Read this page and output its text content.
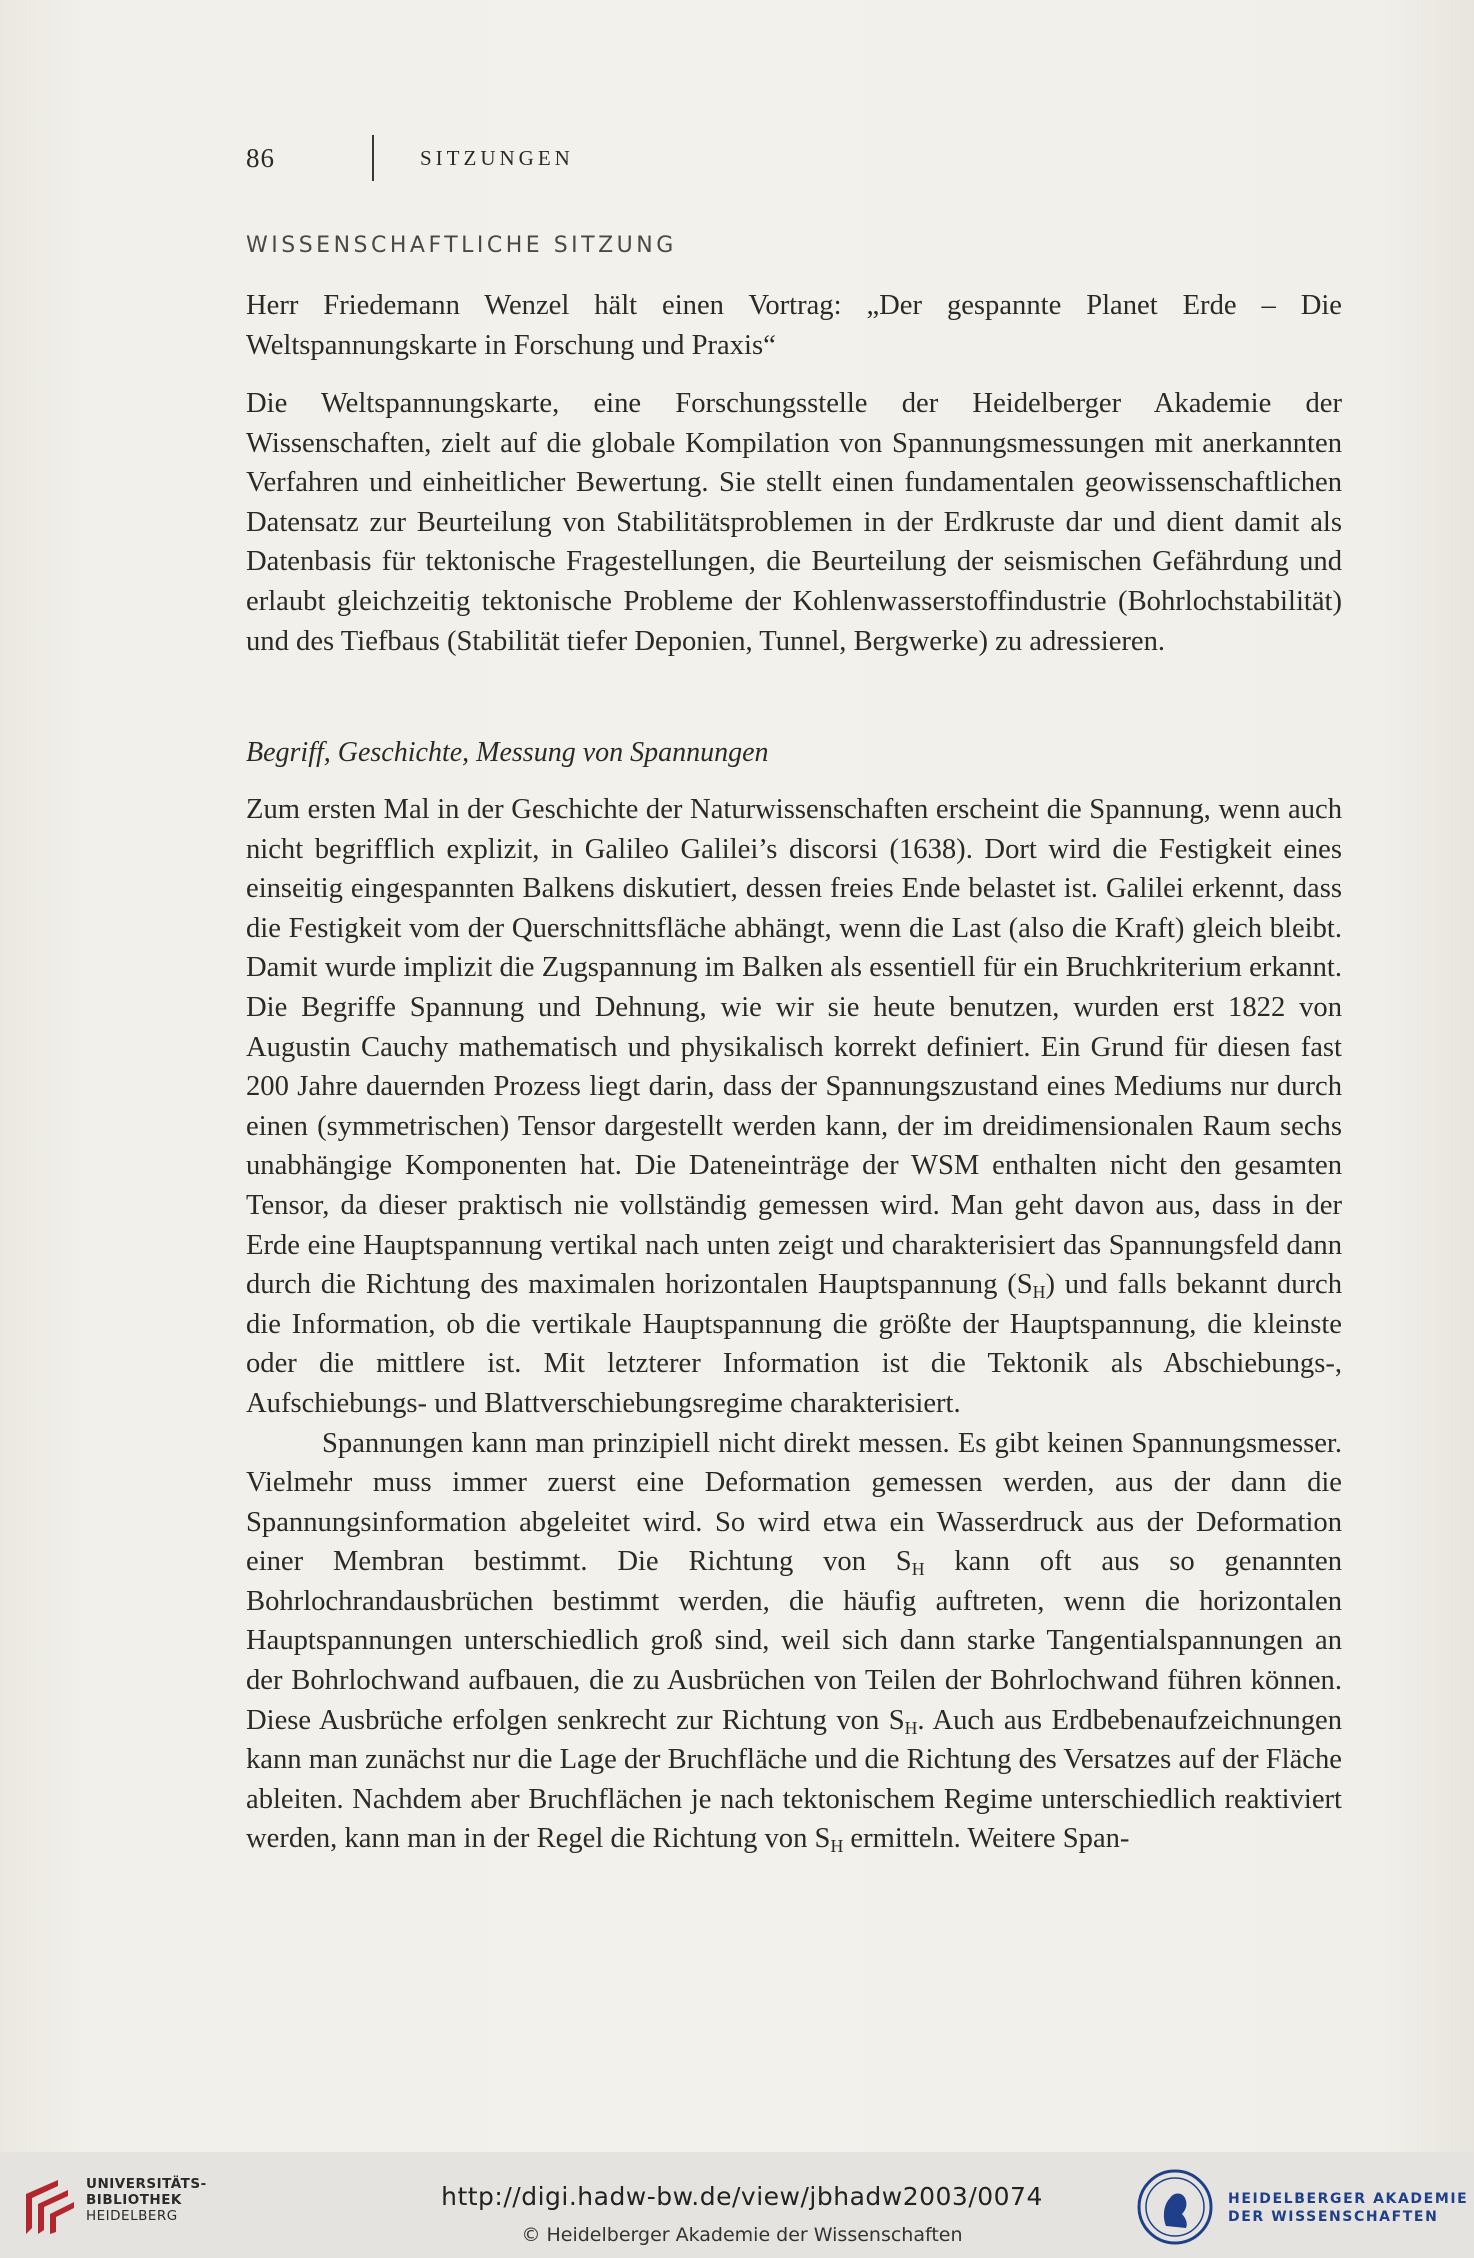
86	SITZUNGEN
WISSENSCHAFTLICHE SITZUNG

Herr Friedemann Wenzel hält einen Vortrag: „Der gespannte Planet Erde – Die Weltspannungskarte in Forschung und Praxis“

Die Weltspannungskarte, eine Forschungsstelle der Heidelberger Akademie der Wissenschaften, zielt auf die globale Kompilation von Spannungsmessungen mit anerkannten Verfahren und einheitlicher Bewertung. Sie stellt einen fundamentalen geowissenschaftlichen Datensatz zur Beurteilung von Stabilitätsproblemen in der Erdkruste dar und dient damit als Datenbasis für tektonische Fragestellungen, die Beurteilung der seismischen Gefährdung und erlaubt gleichzeitig tektonische Probleme der Kohlenwasserstoffindustrie (Bohrlochstabilität) und des Tiefbaus (Stabilität tiefer Deponien, Tunnel, Bergwerke) zu adressieren.

Begriff, Geschichte, Messung von Spannungen

Zum ersten Mal in der Geschichte der Naturwissenschaften erscheint die Spannung, wenn auch nicht begrifflich explizit, in Galileo Galilei’s discorsi (1638). Dort wird die Festigkeit eines einseitig eingespannten Balkens diskutiert, dessen freies Ende belastet ist. Galilei erkennt, dass die Festigkeit vom der Querschnittsfläche abhängt, wenn die Last (also die Kraft) gleich bleibt. Damit wurde implizit die Zugspannung im Balken als essentiell für ein Bruchkriterium erkannt. Die Begriffe Spannung und Dehnung, wie wir sie heute benutzen, wurden erst 1822 von Augustin Cauchy mathematisch und physikalisch korrekt definiert. Ein Grund für diesen fast 200 Jahre dauernden Prozess liegt darin, dass der Spannungszustand eines Mediums nur durch einen (symmetrischen) Tensor dargestellt werden kann, der im dreidimensionalen Raum sechs unabhängige Komponenten hat. Die Dateneinträge der WSM enthalten nicht den gesamten Tensor, da dieser praktisch nie vollständig gemessen wird. Man geht davon aus, dass in der Erde eine Hauptspannung vertikal nach unten zeigt und charakterisiert das Spannungsfeld dann durch die Richtung des maximalen horizontalen Hauptspannung $(S_H)$ und falls bekannt durch die Information, ob die vertikale Hauptspannung die größte der Hauptspannung, die kleinste oder die mittlere ist. Mit letzterer Information ist die Tektonik als Abschiebungs-, Aufschiebungs- und Blattverschiebungsregime charakterisiert.

Spannungen kann man prinzipiell nicht direkt messen. Es gibt keinen Spannungsmesser. Vielmehr muss immer zuerst eine Deformation gemessen werden, aus der dann die Spannungsinformation abgeleitet wird. So wird etwa ein Wasserdruck aus der Deformation einer Membran bestimmt. Die Richtung von $S_H$ kann oft aus so genannten Bohrlochrandausbrüchen bestimmt werden, die häufig auftreten, wenn die horizontalen Hauptspannungen unterschiedlich groß sind, weil sich dann starke Tangentialspannungen an der Bohrlochwand aufbauen, die zu Ausbrüchen von Teilen der Bohrlochwand führen können. Diese Ausbrüche erfolgen senkrecht zur Richtung von $S_H$. Auch aus Erdbebenaufzeichnungen kann man zunächst nur die Lage der Bruchfläche und die Richtung des Versatzes auf der Fläche ableiten. Nachdem aber Bruchflächen je nach tektonischem Regime unterschiedlich reaktiviert werden, kann man in der Regel die Richtung von $S_H$ ermitteln. Weitere Span-

UNIVERSITÄTS-
BIBLIOTHEK
HEIDELBERG
http://digi.hadw-bw.de/view/jbhadw2003/0074
© Heidelberger Akademie der Wissenschaften
HEIDELBERGER AKADEMIE
DER WISSENSCHAFTEN
